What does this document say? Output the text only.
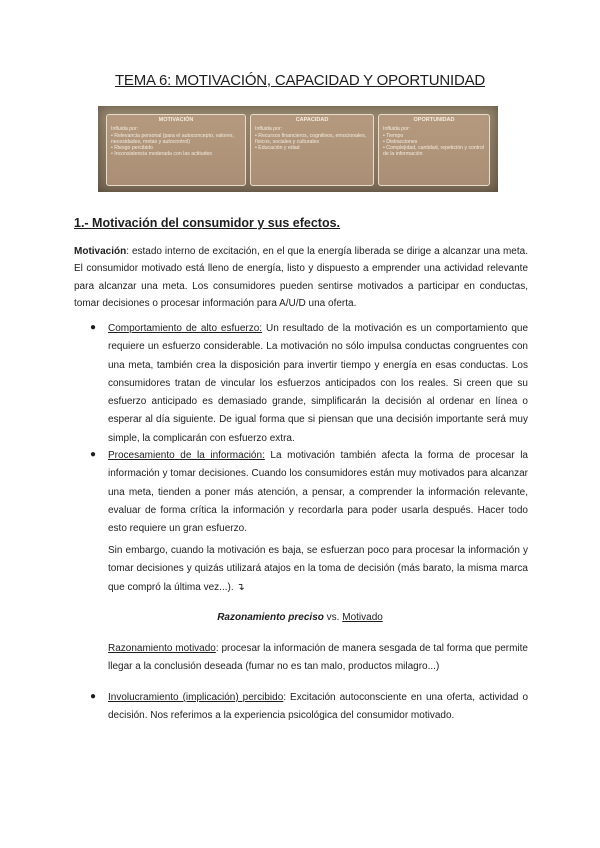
TEMA 6: MOTIVACIÓN, CAPACIDAD Y OPORTUNIDAD
MOTIVACIÓN
Influida por:
• Relevancia personal (para el autoconcepto, valores, necesidades, metas y autocontrol)
• Riesgo percibido
• Inconsistencia moderada con las actitudes
CAPACIDAD
Influida por:
• Recursos financieros, cognitivos, emocionales, físicos, sociales y culturales
• Educación y edad
OPORTUNIDAD
Influida por:
• Tiempo
• Distracciones
• Complejidad, cantidad, repetición y control de la información
1.- Motivación del consumidor y sus efectos.

Motivación: estado interno de excitación, en el que la energía liberada se dirige a alcanzar una meta. El consumidor motivado está lleno de energía, listo y dispuesto a emprender una actividad relevante para alcanzar una meta. Los consumidores pueden sentirse motivados a participar en conductas, tomar decisiones o procesar información para A/U/D una oferta.

● Comportamiento de alto esfuerzo: Un resultado de la motivación es un comportamiento que requiere un esfuerzo considerable. La motivación no sólo impulsa conductas congruentes con una meta, también crea la disposición para invertir tiempo y energía en esas conductas. Los consumidores tratan de vincular los esfuerzos anticipados con los reales. Si creen que su esfuerzo anticipado es demasiado grande, simplificarán la decisión al ordenar en línea o esperar al día siguiente. De igual forma que si piensan que una decisión importante será muy simple, la complicarán con esfuerzo extra.

● Procesamiento de la información: La motivación también afecta la forma de procesar la información y tomar decisiones. Cuando los consumidores están muy motivados para alcanzar una meta, tienden a poner más atención, a pensar, a comprender la información relevante, evaluar de forma crítica la información y recordarla para poder usarla después. Hacer todo esto requiere un gran esfuerzo.

Sin embargo, cuando la motivación es baja, se esfuerzan poco para procesar la información y tomar decisiones y quizás utilizará atajos en la toma de decisión (más barato, la misma marca que compró la última vez...). ↴

Razonamiento preciso vs. Motivado

Razonamiento motivado: procesar la información de manera sesgada de tal forma que permite llegar a la conclusión deseada (fumar no es tan malo, productos milagro...)

● Involucramiento (implicación) percibido: Excitación autoconsciente en una oferta, actividad o decisión. Nos referimos a la experiencia psicológica del consumidor motivado.
